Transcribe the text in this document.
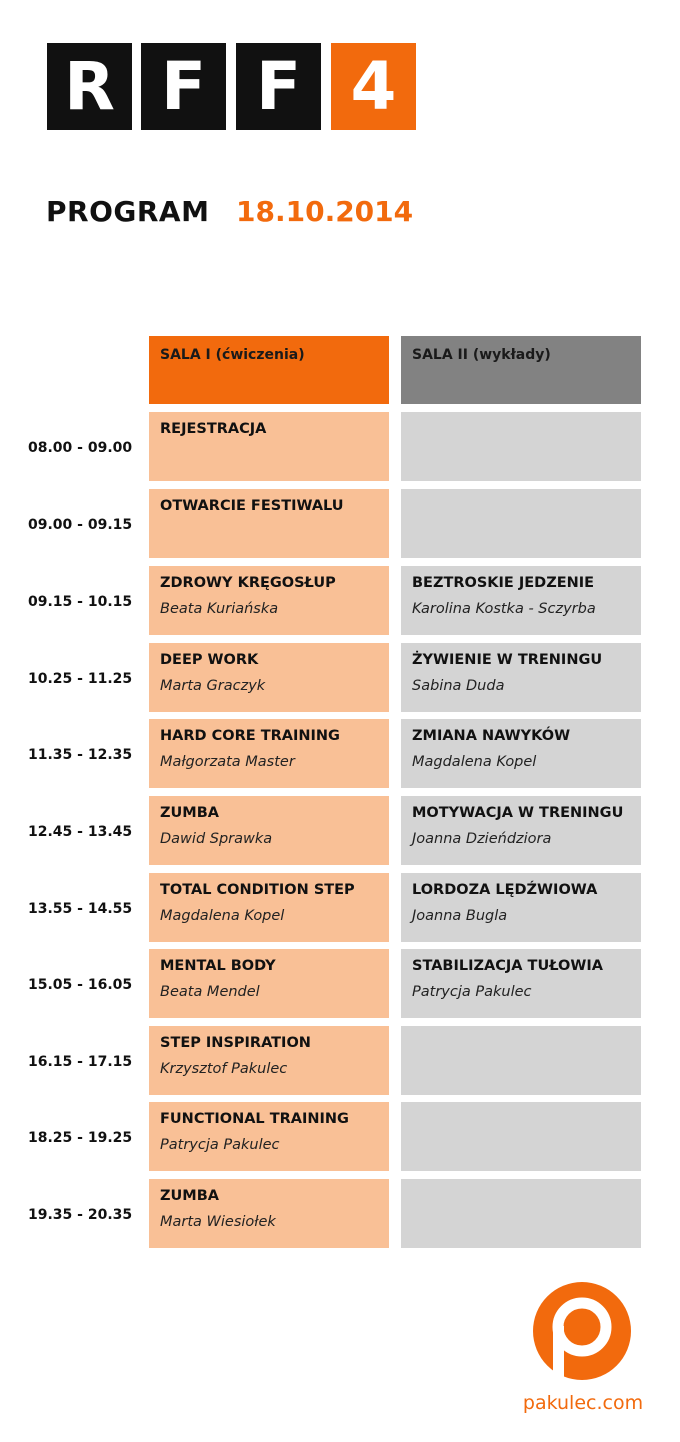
R F F 4
PROGRAM 18.10.2014
SALA I (ćwiczenia)	SALA II (wykłady)
08.00 - 09.00
REJESTRACJA
09.00 - 09.15
OTWARCIE FESTIWALU
09.15 - 10.15
ZDROWY KRĘGOSŁUP
Beata Kuriańska
BEZTROSKIE JEDZENIE
Karolina Kostka - Sczyrba
10.25 - 11.25
DEEP WORK
Marta Graczyk
ŻYWIENIE W TRENINGU
Sabina Duda
11.35 - 12.35
HARD CORE TRAINING
Małgorzata Master
ZMIANA NAWYKÓW
Magdalena Kopel
12.45 - 13.45
ZUMBA
Dawid Sprawka
MOTYWACJA W TRENINGU
Joanna Dzieńdziora
13.55 - 14.55
TOTAL CONDITION STEP
Magdalena Kopel
LORDOZA LĘDŹWIOWA
Joanna Bugla
15.05 - 16.05
MENTAL BODY
Beata Mendel
STABILIZACJA TUŁOWIA
Patrycja Pakulec
16.15 - 17.15
STEP INSPIRATION
Krzysztof Pakulec
18.25 - 19.25
FUNCTIONAL TRAINING
Patrycja Pakulec
19.35 - 20.35
ZUMBA
Marta Wiesiołek
pakulec.com
